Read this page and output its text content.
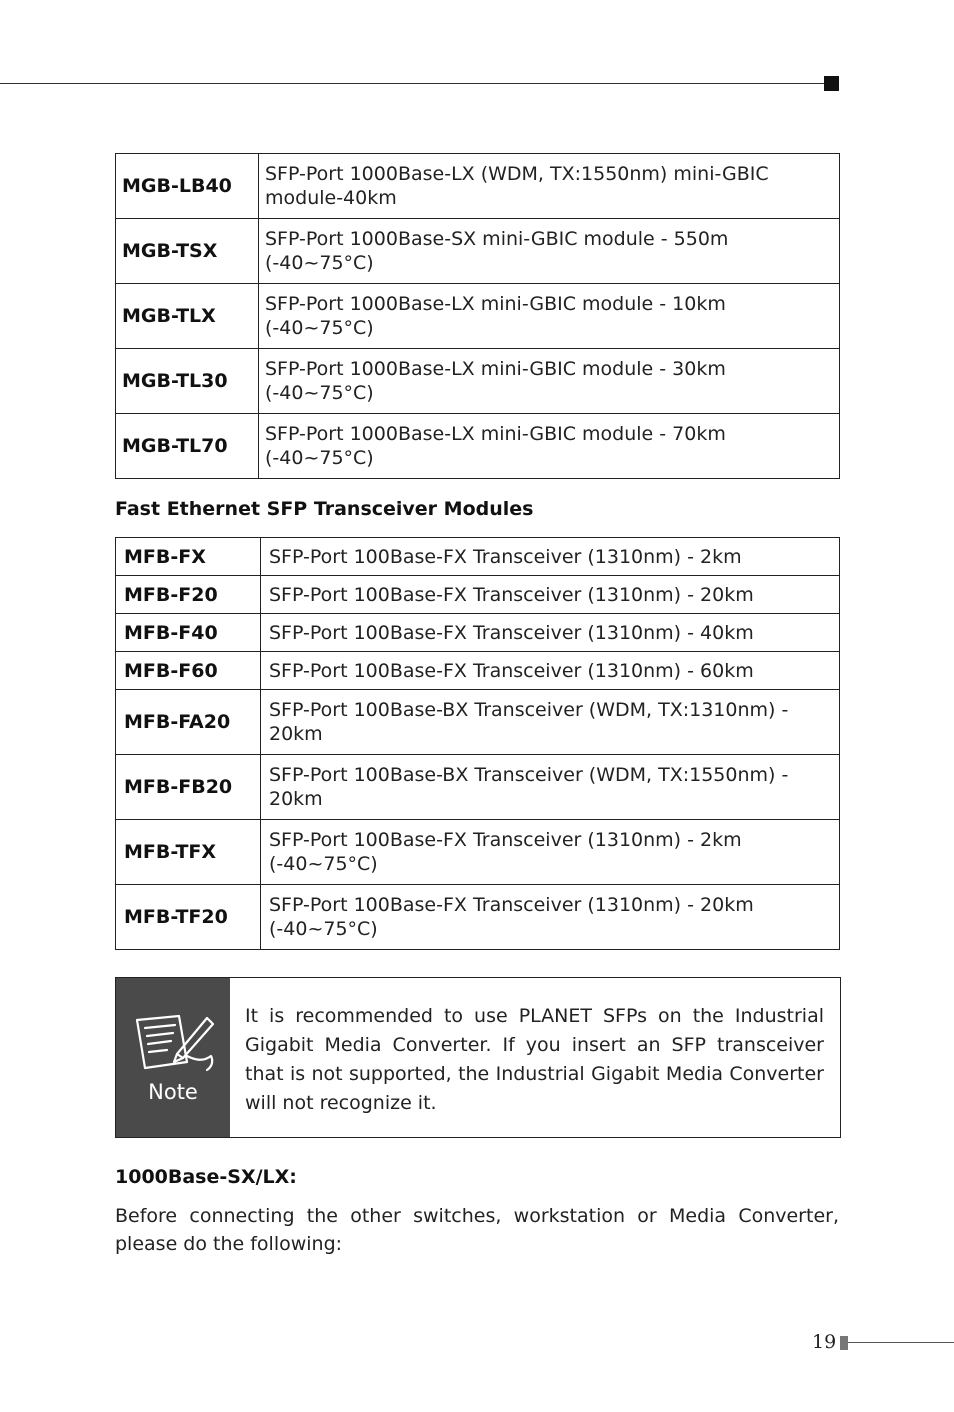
MGB-LB40	SFP-Port 1000Base-LX (WDM, TX:1550nm) mini-GBIC module-40km
MGB-TSX	SFP-Port 1000Base-SX mini-GBIC module - 550m (-40~75°C)
MGB-TLX	SFP-Port 1000Base-LX mini-GBIC module - 10km (-40~75°C)
MGB-TL30	SFP-Port 1000Base-LX mini-GBIC module - 30km (-40~75°C)
MGB-TL70	SFP-Port 1000Base-LX mini-GBIC module - 70km (-40~75°C)
Fast Ethernet SFP Transceiver Modules
MFB-FX	SFP-Port 100Base-FX Transceiver (1310nm) - 2km
MFB-F20	SFP-Port 100Base-FX Transceiver (1310nm) - 20km
MFB-F40	SFP-Port 100Base-FX Transceiver (1310nm) - 40km
MFB-F60	SFP-Port 100Base-FX Transceiver (1310nm) - 60km
MFB-FA20	SFP-Port 100Base-BX Transceiver (WDM, TX:1310nm) - 20km
MFB-FB20	SFP-Port 100Base-BX Transceiver (WDM, TX:1550nm) - 20km
MFB-TFX	SFP-Port 100Base-FX Transceiver (1310nm) - 2km (-40~75°C)
MFB-TF20	SFP-Port 100Base-FX Transceiver (1310nm) - 20km (-40~75°C)
Note
It is recommended to use PLANET SFPs on the Industrial Gigabit Media Converter. If you insert an SFP transceiver that is not supported, the Industrial Gigabit Media Converter will not recognize it.
1000Base-SX/LX:

Before connecting the other switches, workstation or Media Converter, please do the following:

19
